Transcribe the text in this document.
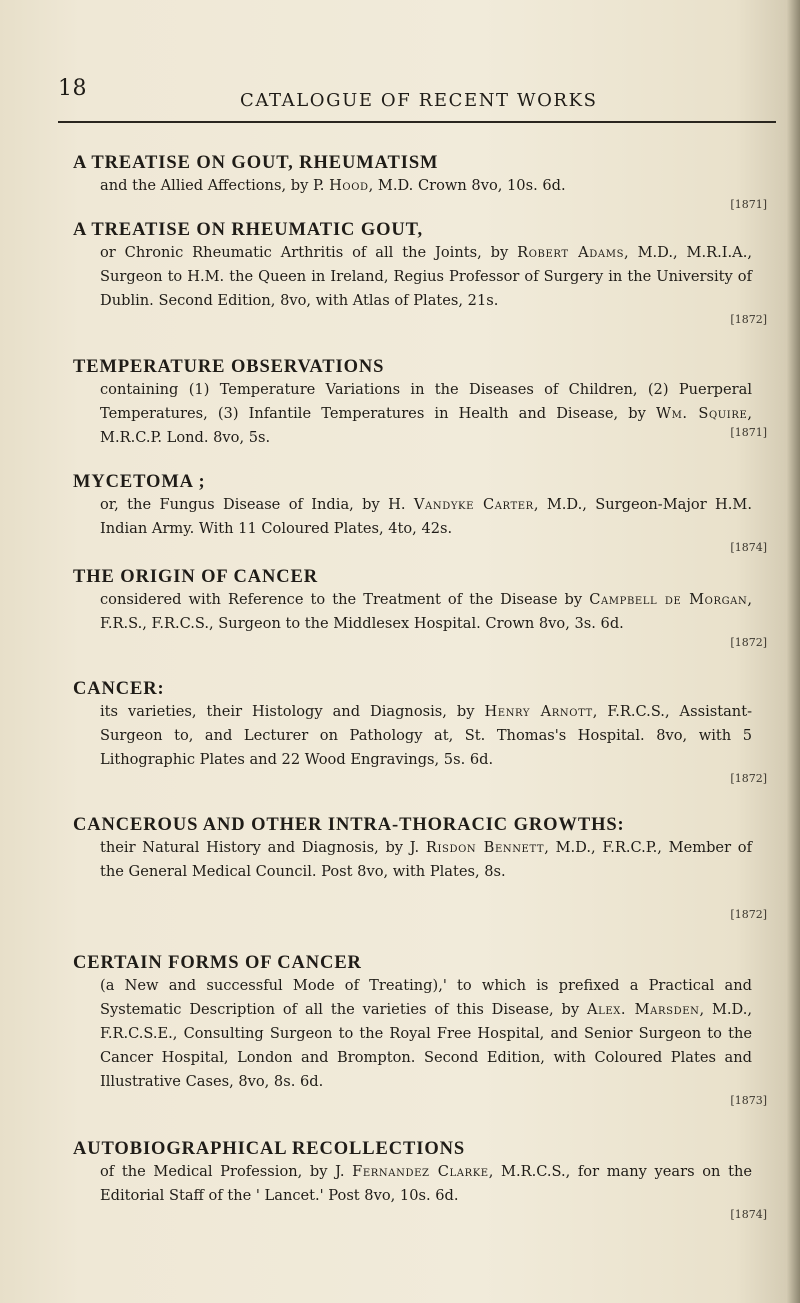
18	CATALOGUE OF RECENT WORKS
A TREATISE ON GOUT, RHEUMATISM
and the Allied Affections, by P. Hood, M.D. Crown 8vo, 10s. 6d.
[1871]
A TREATISE ON RHEUMATIC GOUT,
or Chronic Rheumatic Arthritis of all the Joints, by Robert Adams, M.D., M.R.I.A., Surgeon to H.M. the Queen in Ireland, Regius Professor of Surgery in the University of Dublin. Second Edition, 8vo, with Atlas of Plates, 21s.
[1872]
TEMPERATURE OBSERVATIONS
containing (1) Temperature Variations in the Diseases of Children, (2) Puerperal Temperatures, (3) Infantile Temperatures in Health and Disease, by Wm. Squire, M.R.C.P. Lond. 8vo, 5s.	[1871]
MYCETOMA ;
or, the Fungus Disease of India, by H. Vandyke Carter, M.D., Surgeon-Major H.M. Indian Army. With 11 Coloured Plates, 4to, 42s.
[1874]
THE ORIGIN OF CANCER
considered with Reference to the Treatment of the Disease by Campbell de Morgan, F.R.S., F.R.C.S., Surgeon to the Middlesex Hospital. Crown 8vo, 3s. 6d.
[1872]
CANCER:
its varieties, their Histology and Diagnosis, by Henry Arnott, F.R.C.S., Assistant-Surgeon to, and Lecturer on Pathology at, St. Thomas's Hospital. 8vo, with 5 Lithographic Plates and 22 Wood Engravings, 5s. 6d.
[1872]
CANCEROUS AND OTHER INTRA-THORACIC GROWTHS:
their Natural History and Diagnosis, by J. Risdon Bennett, M.D., F.R.C.P., Member of the General Medical Council. Post 8vo, with Plates, 8s.
[1872]
CERTAIN FORMS OF CANCER
(a New and successful Mode of Treating),' to which is prefixed a Practical and Systematic Description of all the varieties of this Disease, by Alex. Marsden, M.D., F.R.C.S.E., Consulting Surgeon to the Royal Free Hospital, and Senior Surgeon to the Cancer Hospital, London and Brompton. Second Edition, with Coloured Plates and Illustrative Cases, 8vo, 8s. 6d.
[1873]
AUTOBIOGRAPHICAL RECOLLECTIONS
of the Medical Profession, by J. Fernandez Clarke, M.R.C.S., for many years on the Editorial Staff of the ' Lancet.' Post 8vo, 10s. 6d.
[1874]
